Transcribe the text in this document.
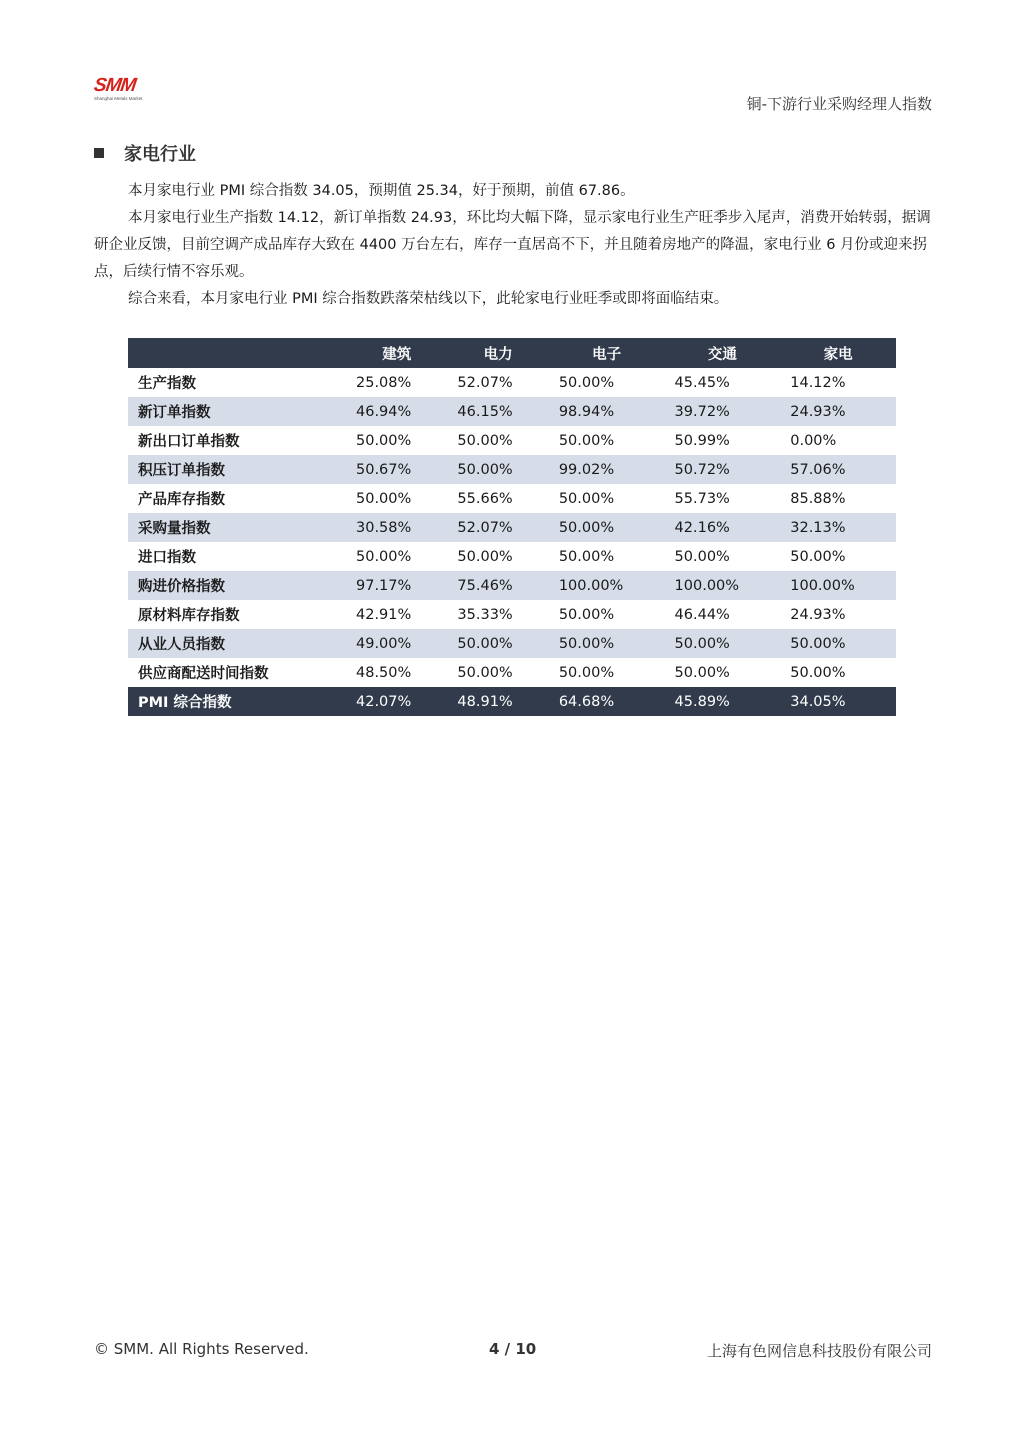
SMM
Shanghai Metals Market	铜-下游行业采购经理人指数
家电行业

本月家电行业 PMI 综合指数 34.05，预期值 25.34，好于预期，前值 67.86。

本月家电行业生产指数 14.12，新订单指数 24.93，环比均大幅下降，显示家电行业生产旺季步入尾声，消费开始转弱，据调研企业反馈，目前空调产成品库存大致在 4400 万台左右，库存一直居高不下，并且随着房地产的降温，家电行业 6 月份或迎来拐点，后续行情不容乐观。

综合来看，本月家电行业 PMI 综合指数跌落荣枯线以下，此轮家电行业旺季或即将面临结束。

	建筑	电力	电子	交通	家电
生产指数	25.08%	52.07%	50.00%	45.45%	14.12%
新订单指数	46.94%	46.15%	98.94%	39.72%	24.93%
新出口订单指数	50.00%	50.00%	50.00%	50.99%	0.00%
积压订单指数	50.67%	50.00%	99.02%	50.72%	57.06%
产品库存指数	50.00%	55.66%	50.00%	55.73%	85.88%
采购量指数	30.58%	52.07%	50.00%	42.16%	32.13%
进口指数	50.00%	50.00%	50.00%	50.00%	50.00%
购进价格指数	97.17%	75.46%	100.00%	100.00%	100.00%
原材料库存指数	42.91%	35.33%	50.00%	46.44%	24.93%
从业人员指数	49.00%	50.00%	50.00%	50.00%	50.00%
供应商配送时间指数	48.50%	50.00%	50.00%	50.00%	50.00%
PMI 综合指数	42.07%	48.91%	64.68%	45.89%	34.05%
© SMM. All Rights Reserved.	4 / 10	上海有色网信息科技股份有限公司
